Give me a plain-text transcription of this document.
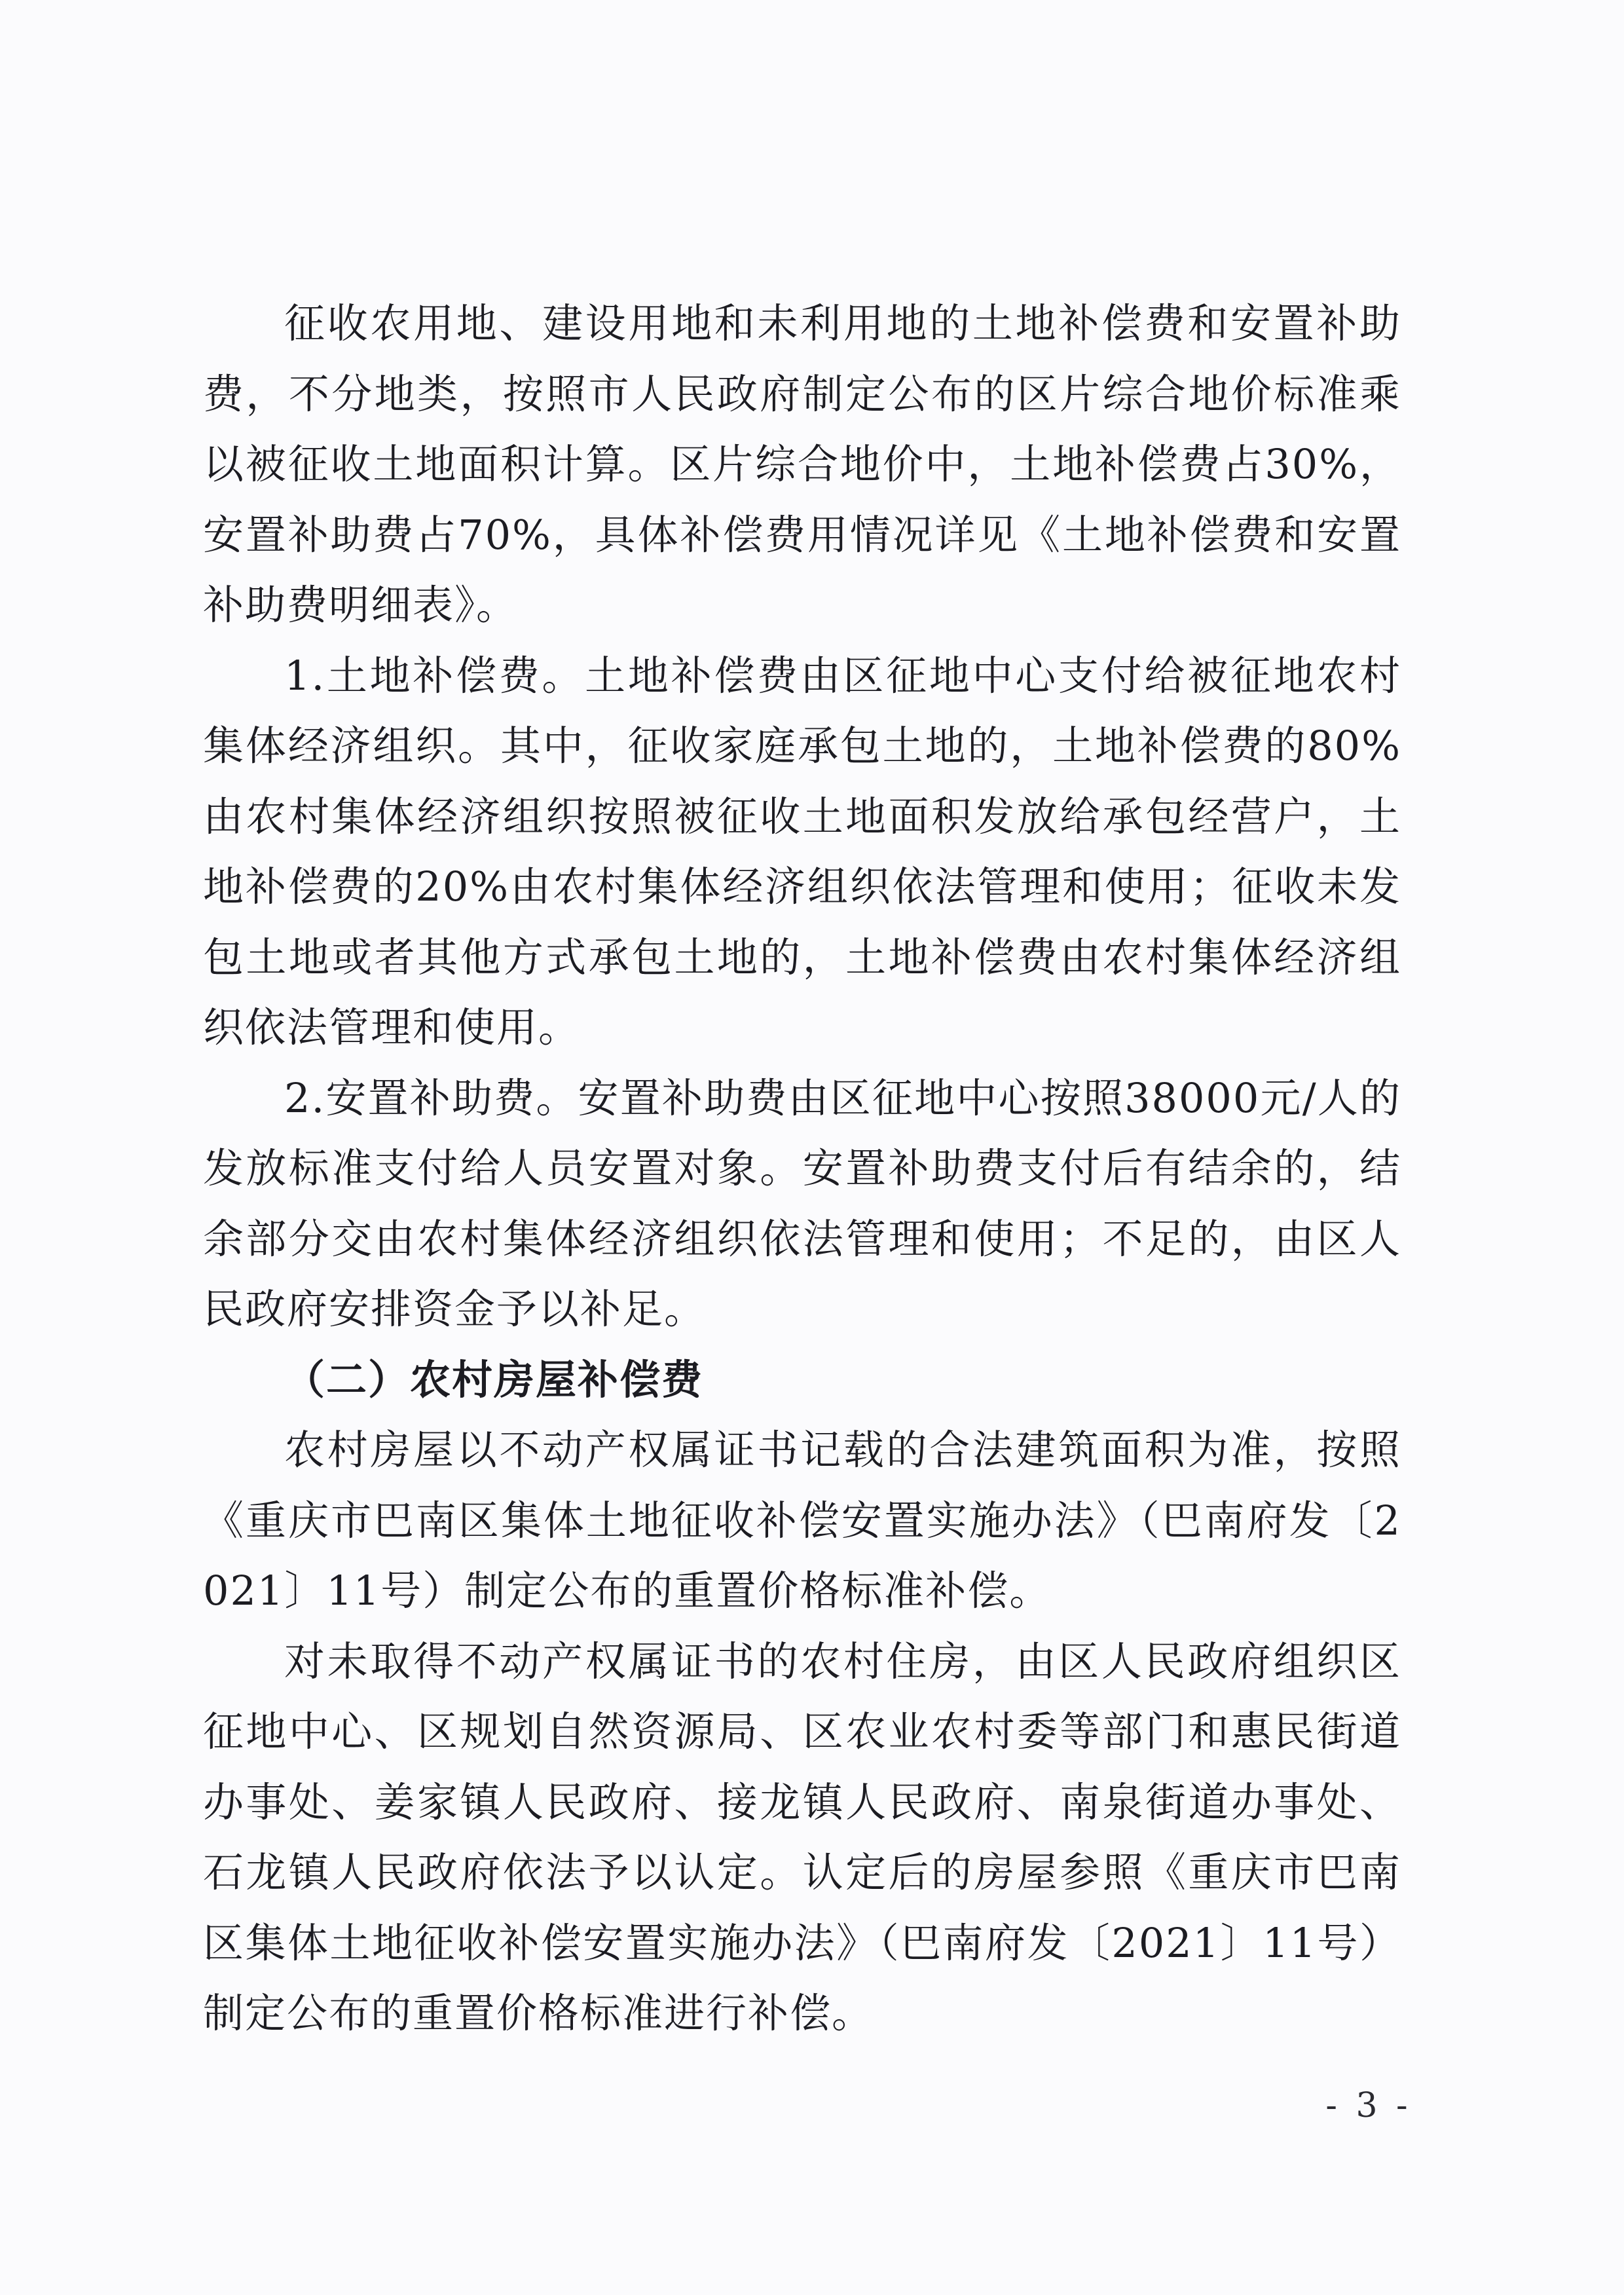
征收农用地、建设用地和未利用地的土地补偿费和安置补助费，不分地类，按照市人民政府制定公布的区片综合地价标准乘以被征收土地面积计算。区片综合地价中，土地补偿费占30%，安置补助费占70%，具体补偿费用情况详见《土地补偿费和安置补助费明细表》。

1.土地补偿费。土地补偿费由区征地中心支付给被征地农村集体经济组织。其中，征收家庭承包土地的，土地补偿费的80%由农村集体经济组织按照被征收土地面积发放给承包经营户，土地补偿费的20%由农村集体经济组织依法管理和使用；征收未发包土地或者其他方式承包土地的，土地补偿费由农村集体经济组织依法管理和使用。

2.安置补助费。安置补助费由区征地中心按照38000元/人的发放标准支付给人员安置对象。安置补助费支付后有结余的，结余部分交由农村集体经济组织依法管理和使用；不足的，由区人民政府安排资金予以补足。

（二）农村房屋补偿费

农村房屋以不动产权属证书记载的合法建筑面积为准，按照《重庆市巴南区集体土地征收补偿安置实施办法》（巴南府发〔2021〕11号）制定公布的重置价格标准补偿。

对未取得不动产权属证书的农村住房，由区人民政府组织区征地中心、区规划自然资源局、区农业农村委等部门和惠民街道办事处、姜家镇人民政府、接龙镇人民政府、南泉街道办事处、石龙镇人民政府依法予以认定。认定后的房屋参照《重庆市巴南区集体土地征收补偿安置实施办法》（巴南府发〔2021〕11号）制定公布的重置价格标准进行补偿。

- 3 -
